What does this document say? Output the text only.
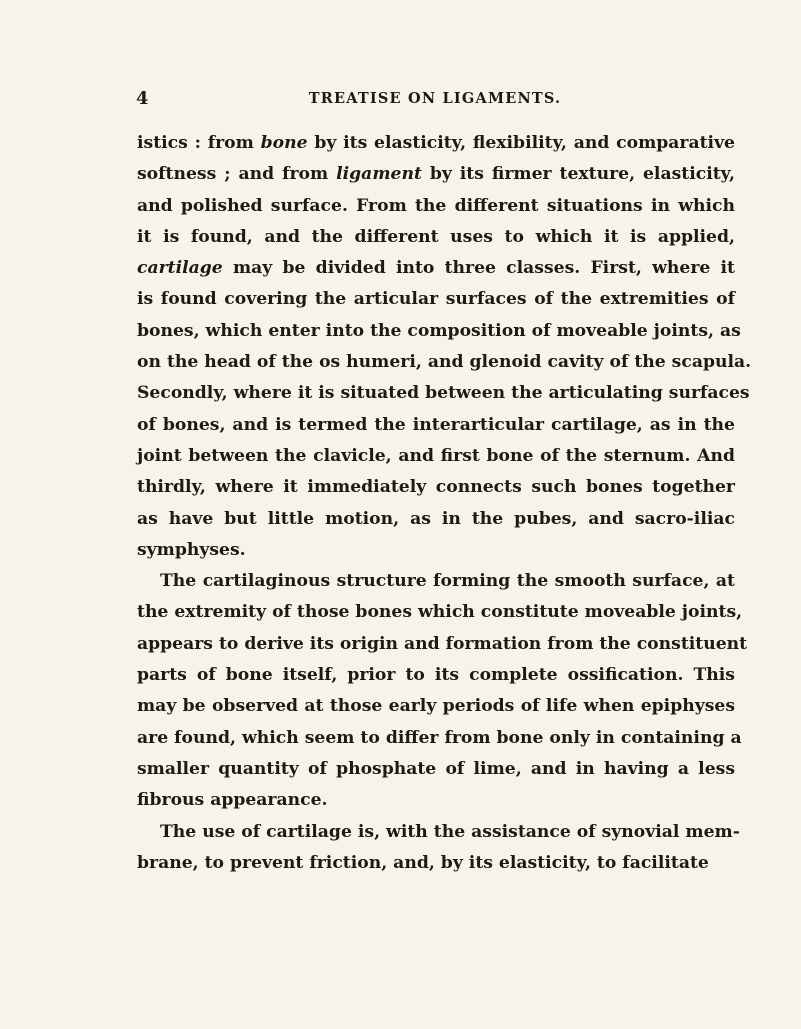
4	TREATISE ON LIGAMENTS.
istics : from bone by its elasticity, flexibility, and comparative
softness ; and from ligament by its firmer texture, elasticity,
and polished surface. From the different situations in which
it is found, and the different uses to which it is applied,
cartilage may be divided into three classes. First, where it
is found covering the articular surfaces of the extremities of
bones, which enter into the composition of moveable joints, as
on the head of the os humeri, and glenoid cavity of the scapula.
Secondly, where it is situated between the articulating surfaces
of bones, and is termed the interarticular cartilage, as in the
joint between the clavicle, and first bone of the sternum. And
thirdly, where it immediately connects such bones together
as have but little motion, as in the pubes, and sacro-iliac
symphyses.
The cartilaginous structure forming the smooth surface, at
the extremity of those bones which constitute moveable joints,
appears to derive its origin and formation from the constituent
parts of bone itself, prior to its complete ossification. This
may be observed at those early periods of life when epiphyses
are found, which seem to differ from bone only in containing a
smaller quantity of phosphate of lime, and in having a less
fibrous appearance.
The use of cartilage is, with the assistance of synovial mem-
brane, to prevent friction, and, by its elasticity, to facilitate
